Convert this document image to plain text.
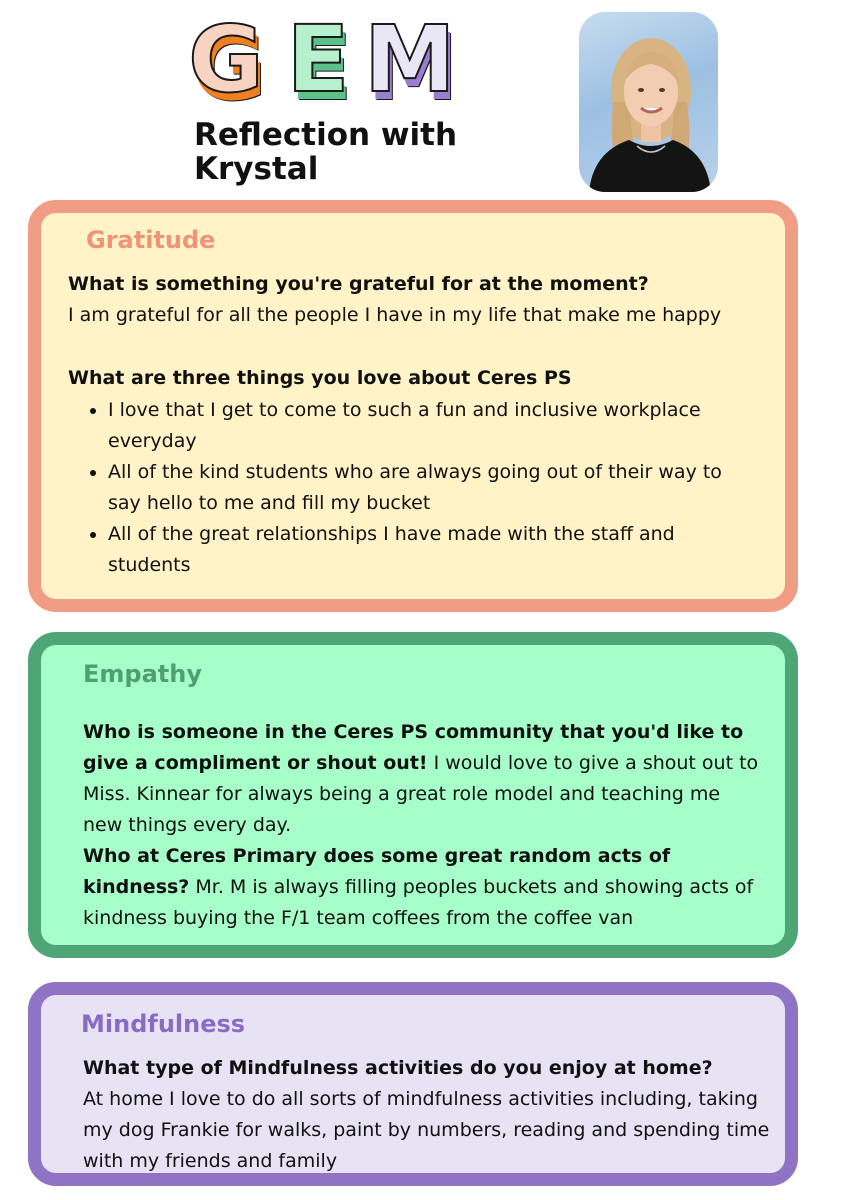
G E M
Reflection with Krystal
Gratitude
What is something you're grateful for at the moment?
I am grateful for all the people I have in my life that make me happy
What are three things you love about Ceres PS
• I love that I get to come to such a fun and inclusive workplace everyday
• All of the kind students who are always going out of their way to say hello to me and fill my bucket
• All of the great relationships I have made with the staff and students
Empathy
Who is someone in the Ceres PS community that you'd like to give a compliment or shout out! I would love to give a shout out to Miss. Kinnear for always being a great role model and teaching me new things every day.
Who at Ceres Primary does some great random acts of kindness? Mr. M is always filling peoples buckets and showing acts of kindness buying the F/1 team coffees from the coffee van
Mindfulness
What type of Mindfulness activities do you enjoy at home?
At home I love to do all sorts of mindfulness activities including, taking my dog Frankie for walks, paint by numbers, reading and spending time with my friends and family
